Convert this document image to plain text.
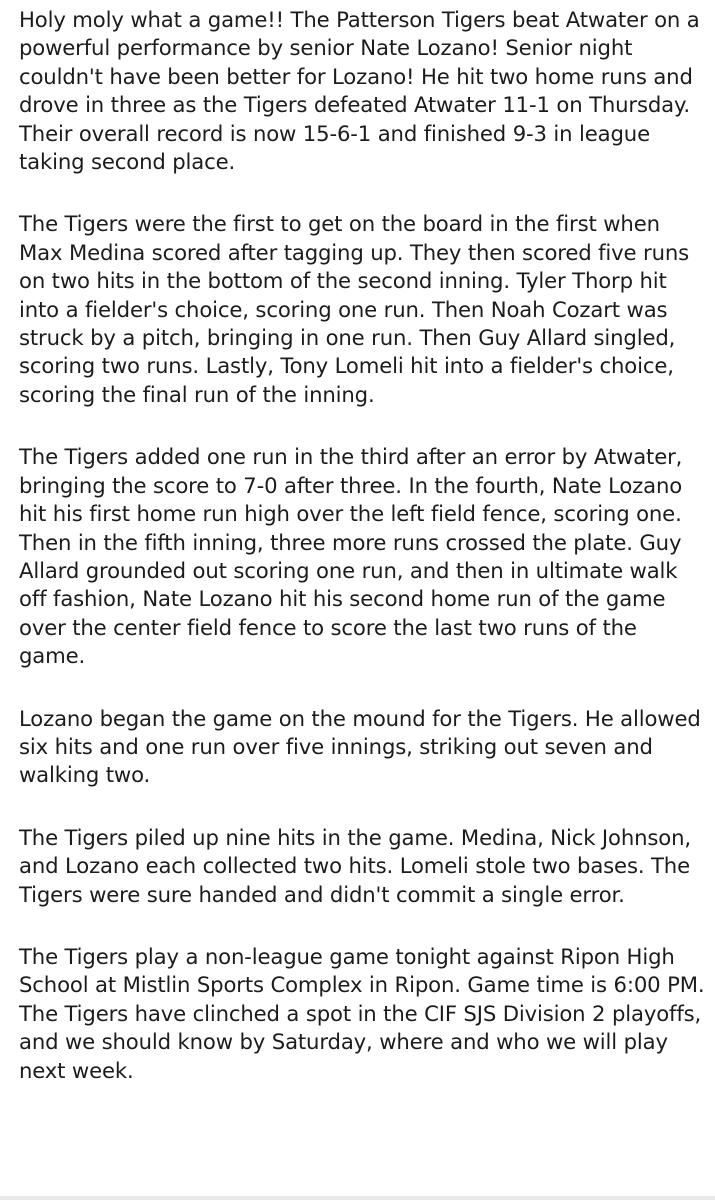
Holy moly what a game!! The Patterson Tigers beat Atwater on a powerful performance by senior Nate Lozano! Senior night couldn't have been better for Lozano! He hit two home runs and drove in three as the Tigers defeated Atwater 11-1 on Thursday. Their overall record is now 15-6-1 and finished 9-3 in league taking second place.

The Tigers were the first to get on the board in the first when Max Medina scored after tagging up. They then scored five runs on two hits in the bottom of the second inning. Tyler Thorp hit into a fielder's choice, scoring one run. Then Noah Cozart was struck by a pitch, bringing in one run. Then Guy Allard singled, scoring two runs. Lastly, Tony Lomeli hit into a fielder's choice, scoring the final run of the inning.

The Tigers added one run in the third after an error by Atwater, bringing the score to 7-0 after three. In the fourth, Nate Lozano hit his first home run high over the left field fence, scoring one. Then in the fifth inning, three more runs crossed the plate. Guy Allard grounded out scoring one run, and then in ultimate walk off fashion, Nate Lozano hit his second home run of the game over the center field fence to score the last two runs of the game.

Lozano began the game on the mound for the Tigers. He allowed six hits and one run over five innings, striking out seven and walking two.

The Tigers piled up nine hits in the game. Medina, Nick Johnson, and Lozano each collected two hits. Lomeli stole two bases. The Tigers were sure handed and didn't commit a single error.

The Tigers play a non-league game tonight against Ripon High School at Mistlin Sports Complex in Ripon. Game time is 6:00 PM. The Tigers have clinched a spot in the CIF SJS Division 2 playoffs, and we should know by Saturday, where and who we will play next week.
